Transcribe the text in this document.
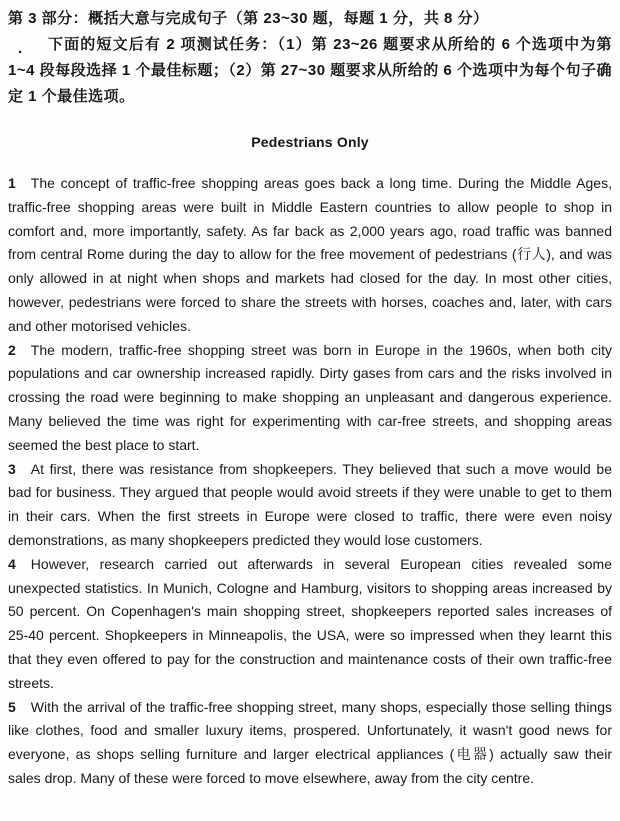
第 3 部分：概括大意与完成句子（第 23~30 题，每题 1 分，共 8 分）
. 下面的短文后有 2 项测试任务：（1）第 23~26 题要求从所给的 6 个选项中为第 1~4 段每段选择 1 个最佳标题；（2）第 27~30 题要求从所给的 6 个选项中为每个句子确定 1 个最佳选项。
Pedestrians Only

1 The concept of traffic-free shopping areas goes back a long time. During the Middle Ages, traffic-free shopping areas were built in Middle Eastern countries to allow people to shop in comfort and, more importantly, safety. As far back as 2,000 years ago, road traffic was banned from central Rome during the day to allow for the free movement of pedestrians (行人), and was only allowed in at night when shops and markets had closed for the day. In most other cities, however, pedestrians were forced to share the streets with horses, coaches and, later, with cars and other motorised vehicles.

2 The modern, traffic-free shopping street was born in Europe in the 1960s, when both city populations and car ownership increased rapidly. Dirty gases from cars and the risks involved in crossing the road were beginning to make shopping an unpleasant and dangerous experience. Many believed the time was right for experimenting with car-free streets, and shopping areas seemed the best place to start.

3 At first, there was resistance from shopkeepers. They believed that such a move would be bad for business. They argued that people would avoid streets if they were unable to get to them in their cars. When the first streets in Europe were closed to traffic, there were even noisy demonstrations, as many shopkeepers predicted they would lose customers.

4 However, research carried out afterwards in several European cities revealed some unexpected statistics. In Munich, Cologne and Hamburg, visitors to shopping areas increased by 50 percent. On Copenhagen's main shopping street, shopkeepers reported sales increases of 25-40 percent. Shopkeepers in Minneapolis, the USA, were so impressed when they learnt this that they even offered to pay for the construction and maintenance costs of their own traffic-free streets.

5 With the arrival of the traffic-free shopping street, many shops, especially those selling things like clothes, food and smaller luxury items, prospered. Unfortunately, it wasn't good news for everyone, as shops selling furniture and larger electrical appliances (电器) actually saw their sales drop. Many of these were forced to move elsewhere, away from the city centre.
